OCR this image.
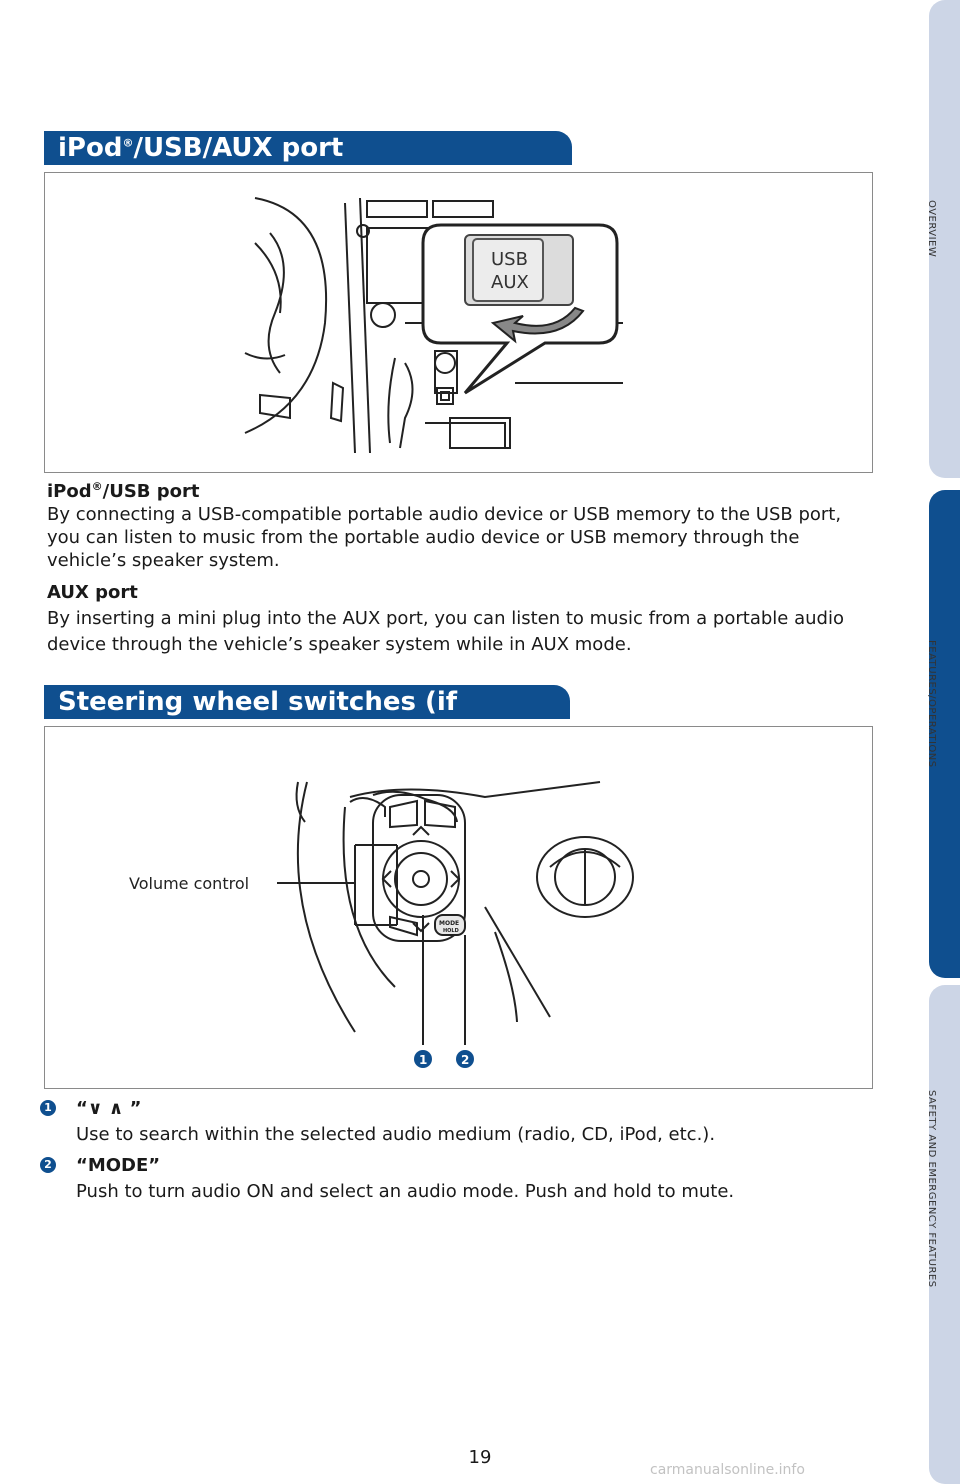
iPod®/USB/AUX port
USB
AUX
iPod®/USB port

By connecting a USB-compatible portable audio device or USB memory to the USB port, you can listen to music from the portable audio device or USB memory through the vehicle’s speaker system.

AUX port

By inserting a mini plug into the AUX port, you can listen to music from a portable audio device through the vehicle’s speaker system while in AUX mode.

Steering wheel switches (if
MODE
HOLD
Volume control
1	2
1 “∨ ∧ ”
Use to search within the selected audio medium (radio, CD, iPod, etc.).
2 “MODE”
Push to turn audio ON and select an audio mode. Push and hold to mute.
OVERVIEW
FEATURES/OPERATIONS
SAFETY AND EMERGENCY FEATURES
19
carmanualsonline.info
